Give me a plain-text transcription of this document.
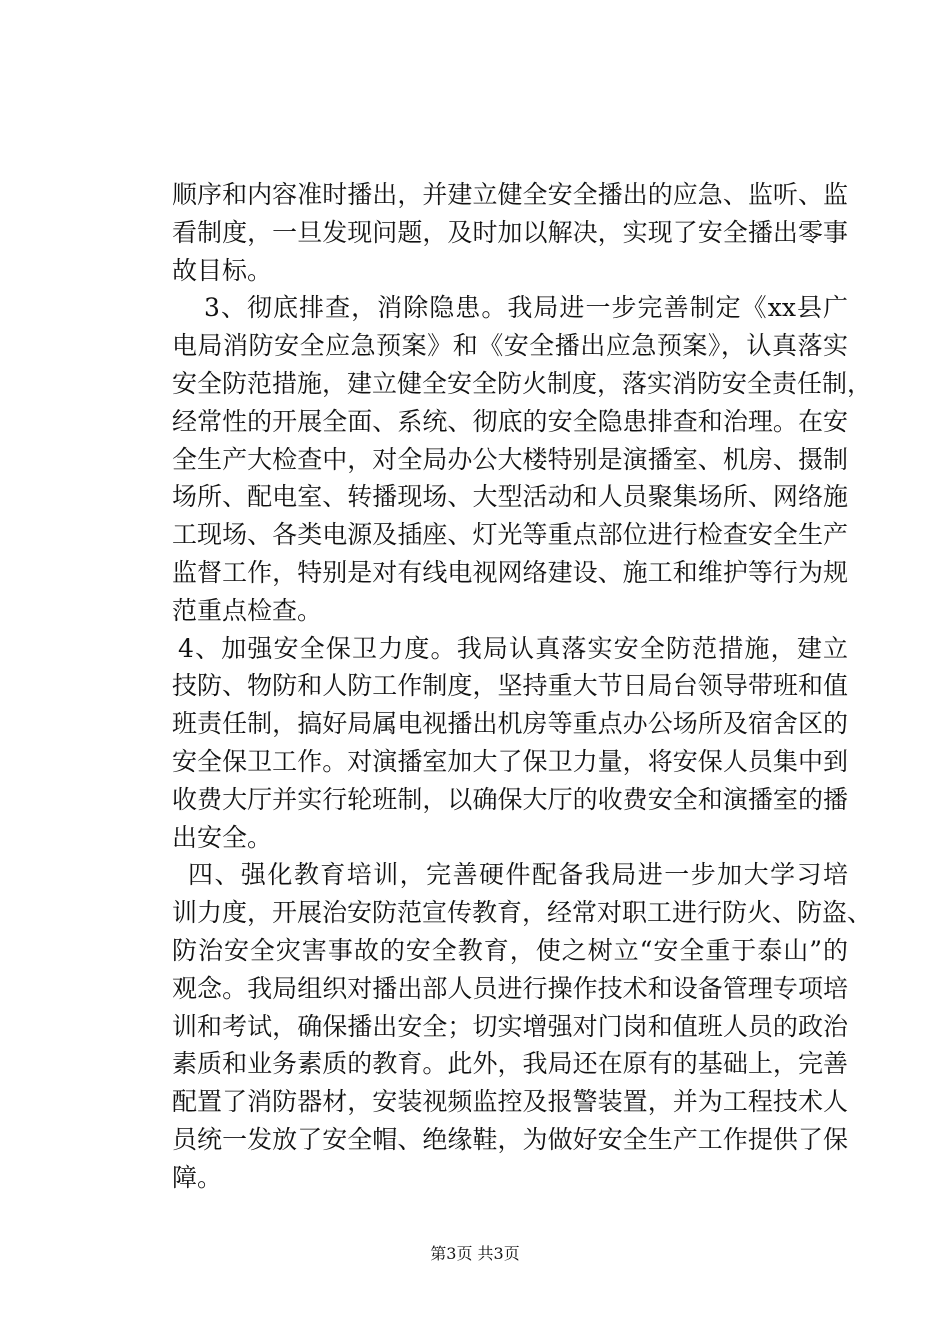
顺序和内容准时播出，并建立健全安全播出的应急、监听、监
看制度，一旦发现问题，及时加以解决，实现了安全播出零事
故目标。
3、彻底排查，消除隐患。我局进一步完善制定《xx县广
电局消防安全应急预案》和《安全播出应急预案》，认真落实
安全防范措施，建立健全安全防火制度，落实消防安全责任制，
经常性的开展全面、系统、彻底的安全隐患排查和治理。在安
全生产大检查中，对全局办公大楼特别是演播室、机房、摄制
场所、配电室、转播现场、大型活动和人员聚集场所、网络施
工现场、各类电源及插座、灯光等重点部位进行检查安全生产
监督工作，特别是对有线电视网络建设、施工和维护等行为规
范重点检查。
4、加强安全保卫力度。我局认真落实安全防范措施，建立
技防、物防和人防工作制度，坚持重大节日局台领导带班和值
班责任制，搞好局属电视播出机房等重点办公场所及宿舍区的
安全保卫工作。对演播室加大了保卫力量，将安保人员集中到
收费大厅并实行轮班制，以确保大厅的收费安全和演播室的播
出安全。
四、强化教育培训，完善硬件配备我局进一步加大学习培
训力度，开展治安防范宣传教育，经常对职工进行防火、防盗、
防治安全灾害事故的安全教育，使之树立“安全重于泰山”的
观念。我局组织对播出部人员进行操作技术和设备管理专项培
训和考试，确保播出安全；切实增强对门岗和值班人员的政治
素质和业务素质的教育。此外，我局还在原有的基础上，完善
配置了消防器材，安装视频监控及报警装置，并为工程技术人
员统一发放了安全帽、绝缘鞋，为做好安全生产工作提供了保
障。
第3页 共3页
